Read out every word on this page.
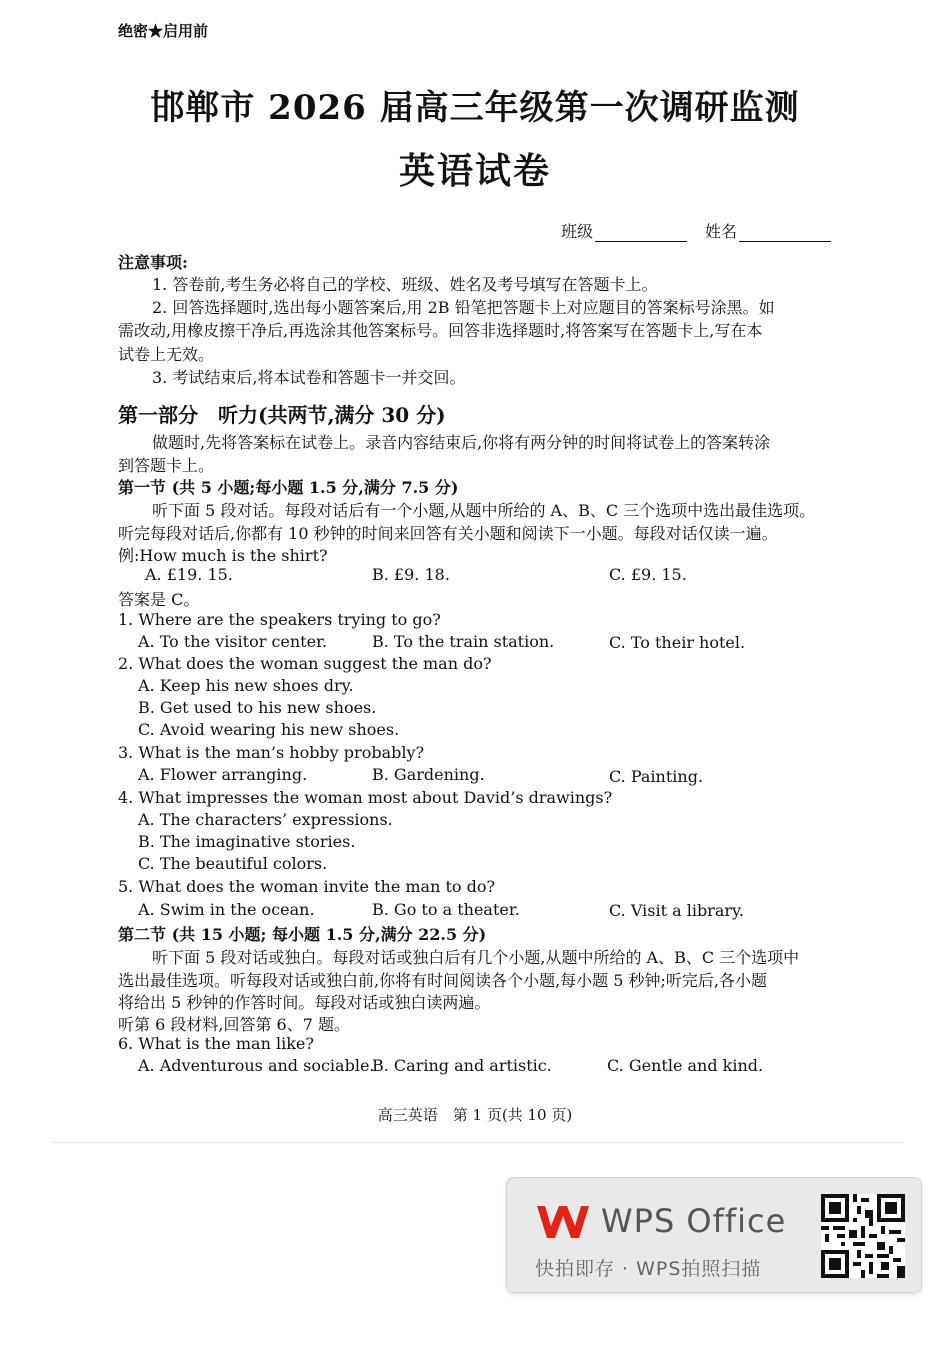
绝密★启用前
邯郸市 2026 届高三年级第一次调研监测
英语试卷
班级	姓名
注意事项:
1. 答卷前,考生务必将自己的学校、班级、姓名及考号填写在答题卡上。
2. 回答选择题时,选出每小题答案后,用 2B 铅笔把答题卡上对应题目的答案标号涂黑。如
需改动,用橡皮擦干净后,再选涂其他答案标号。回答非选择题时,将答案写在答题卡上,写在本
试卷上无效。
3. 考试结束后,将本试卷和答题卡一并交回。
第一部分　听力(共两节,满分 30 分)
做题时,先将答案标在试卷上。录音内容结束后,你将有两分钟的时间将试卷上的答案转涂
到答题卡上。
第一节 (共 5 小题;每小题 1.5 分,满分 7.5 分)
听下面 5 段对话。每段对话后有一个小题,从题中所给的 A、B、C 三个选项中选出最佳选项。
听完每段对话后,你都有 10 秒钟的时间来回答有关小题和阅读下一小题。每段对话仅读一遍。
例:How much is the shirt?
A. £19. 15.	B. £9. 18.	C. £9. 15.
答案是 C。
1. Where are the speakers trying to go?
A. To the visitor center.	B. To the train station.	C. To their hotel.
2. What does the woman suggest the man do?
A. Keep his new shoes dry.
B. Get used to his new shoes.
C. Avoid wearing his new shoes.
3. What is the man’s hobby probably?
A. Flower arranging.	B. Gardening.	C. Painting.
4. What impresses the woman most about David’s drawings?
A. The characters’ expressions.
B. The imaginative stories.
C. The beautiful colors.
5. What does the woman invite the man to do?
A. Swim in the ocean.	B. Go to a theater.	C. Visit a library.
第二节 (共 15 小题; 每小题 1.5 分,满分 22.5 分)
听下面 5 段对话或独白。每段对话或独白后有几个小题,从题中所给的 A、B、C 三个选项中
选出最佳选项。听每段对话或独白前,你将有时间阅读各个小题,每小题 5 秒钟;听完后,各小题
将给出 5 秒钟的作答时间。每段对话或独白读两遍。
听第 6 段材料,回答第 6、7 题。
6. What is the man like?
A. Adventurous and sociable.
B. Caring and artistic.	C. Gentle and kind.
高三英语　第 1 页(共 10 页)
WPS Office
快拍即存 · WPS拍照扫描
